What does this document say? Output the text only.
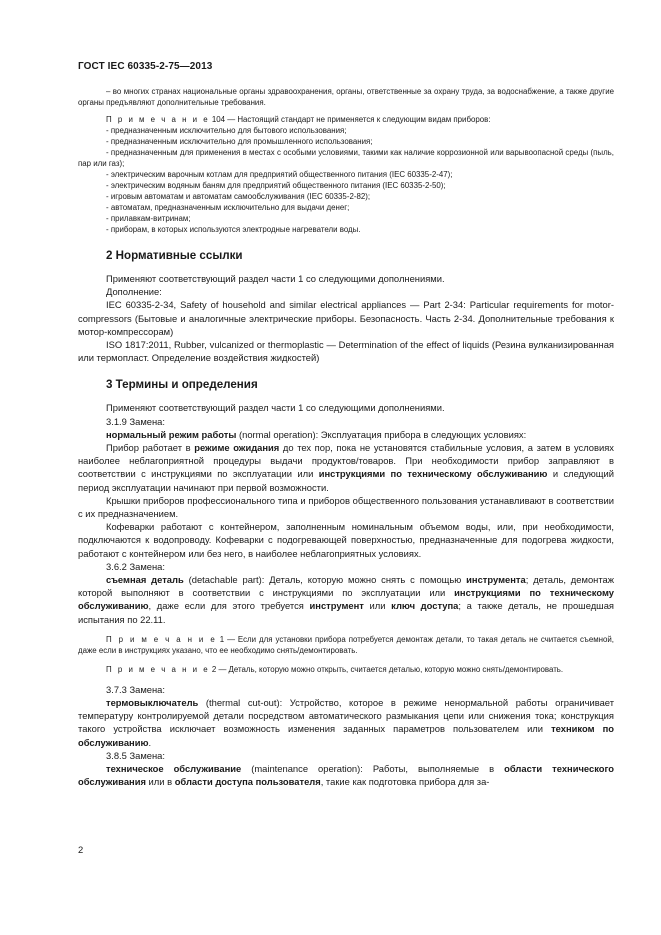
ГОСТ IEC 60335-2-75—2013

– во многих странах национальные органы здравоохранения, органы, ответственные за охрану труда, за водоснабжение, а также другие органы предъявляют дополнительные требования.

П р и м е ч а н и е 104 — Настоящий стандарт не применяется к следующим видам приборов:

- предназначенным исключительно для бытового использования;

- предназначенным исключительно для промышленного использования;

- предназначенным для применения в местах с особыми условиями, такими как наличие коррозионной или варывоопасной среды (пыль, пар или газ);

- электрическим варочным котлам для предприятий общественного питания (IEC 60335-2-47);

- электрическим водяным баням для предприятий общественного питания (IEC 60335-2-50);

- игровым автоматам и автоматам самообслуживания (IEC 60335-2-82);

- автоматам, предназначенным исключительно для выдачи денег;

- прилавкам-витринам;

- приборам, в которых используются электродные нагреватели воды.

2 Нормативные ссылки

Применяют соответствующий раздел части 1 со следующими дополнениями.

Дополнение:

IEC 60335-2-34, Safety of household and similar electrical appliances — Part 2-34: Particular requirements for motor-compressors (Бытовые и аналогичные электрические приборы. Безопасность. Часть 2-34. Дополнительные требования к мотор-компрессорам)

ISO 1817:2011, Rubber, vulcanized or thermoplastic — Determination of the effect of liquids (Резина вулканизированная или термопласт. Определение воздействия жидкостей)

3 Термины и определения

Применяют соответствующий раздел части 1 со следующими дополнениями.

3.1.9 Замена:

нормальный режим работы (normal operation): Эксплуатация прибора в следующих условиях:

Прибор работает в режиме ожидания до тех пор, пока не установятся стабильные условия, а затем в условиях наиболее неблагоприятной процедуры выдачи продуктов/товаров. При необходимости прибор заправляют в соответствии с инструкциями по эксплуатации или инструкциями по техническому обслуживанию и следующий период эксплуатации начинают при первой возможности.

Крышки приборов профессионального типа и приборов общественного пользования устанавливают в соответствии с их предназначением.

Кофеварки работают с контейнером, заполненным номинальным объемом воды, или, при необходимости, подключаются к водопроводу. Кофеварки с подогревающей поверхностью, предназначенные для подогрева жидкости, работают с контейнером или без него, в наиболее неблагоприятных условиях.

3.6.2 Замена:

съемная деталь (detachable part): Деталь, которую можно снять с помощью инструмента; деталь, демонтаж которой выполняют в соответствии с инструкциями по эксплуатации или инструкциями по техническому обслуживанию, даже если для этого требуется инструмент или ключ доступа; а также деталь, не прошедшая испытания по 22.11.

П р и м е ч а н и е 1 — Если для установки прибора потребуется демонтаж детали, то такая деталь не считается съемной, даже если в инструкциях указано, что ее необходимо снять/демонтировать.

П р и м е ч а н и е 2 — Деталь, которую можно открыть, считается деталью, которую можно снять/демонтировать.

3.7.3 Замена:

термовыключатель (thermal cut-out): Устройство, которое в режиме ненормальной работы ограничивает температуру контролируемой детали посредством автоматического размыкания цепи или снижения тока; конструкция такого устройства исключает возможность изменения заданных параметров пользователем или техником по обслуживанию.

3.8.5 Замена:

техническое обслуживание (maintenance operation): Работы, выполняемые в области технического обслуживания или в области доступа пользователя, такие как подготовка прибора для за-

2
